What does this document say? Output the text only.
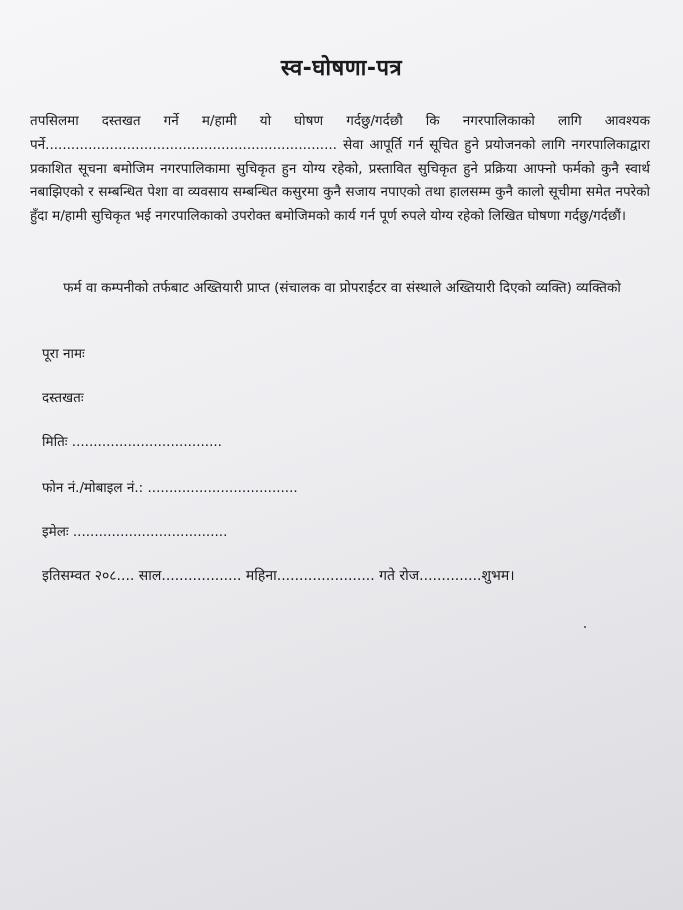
स्व-घोषणा-पत्र
तपसिलमा दस्तखत गर्ने म/हामी यो घोषण गर्दछु/गर्दछौ कि नगरपालिकाको लागि आवश्यक पर्ने.................................................................... सेवा आपूर्ति गर्न सूचित हुने प्रयोजनको लागि नगरपालिकाद्वारा प्रकाशित सूचना बमोजिम नगरपालिकामा सुचिकृत हुन योग्य रहेको, प्रस्तावित सुचिकृत हुने प्रक्रिया आफ्नो फर्मको कुनै स्वार्थ नबाझिएको र सम्बन्धित पेशा वा व्यवसाय सम्बन्धित कसुरमा कुनै सजाय नपाएको तथा हालसम्म कुनै कालो सूचीमा समेत नपरेको हुँदा म/हामी सुचिकृत भई नगरपालिकाको उपरोक्त बमोजिमको कार्य गर्न पूर्ण रुपले योग्य रहेको लिखित घोषणा गर्दछु/गर्दछौं।
फर्म वा कम्पनीको तर्फबाट अख्तियारी प्राप्त (संचालक वा प्रोपराईटर वा संस्थाले अख्तियारी दिएको व्यक्ति) व्यक्तिको
पूरा नामः
दस्तखतः
मितिः ...................................
फोन नं./मोबाइल नं.: ...................................
इमेलः ....................................
इतिसम्वत २०८.... साल.................. महिना...................... गते रोज..............शुभम।
